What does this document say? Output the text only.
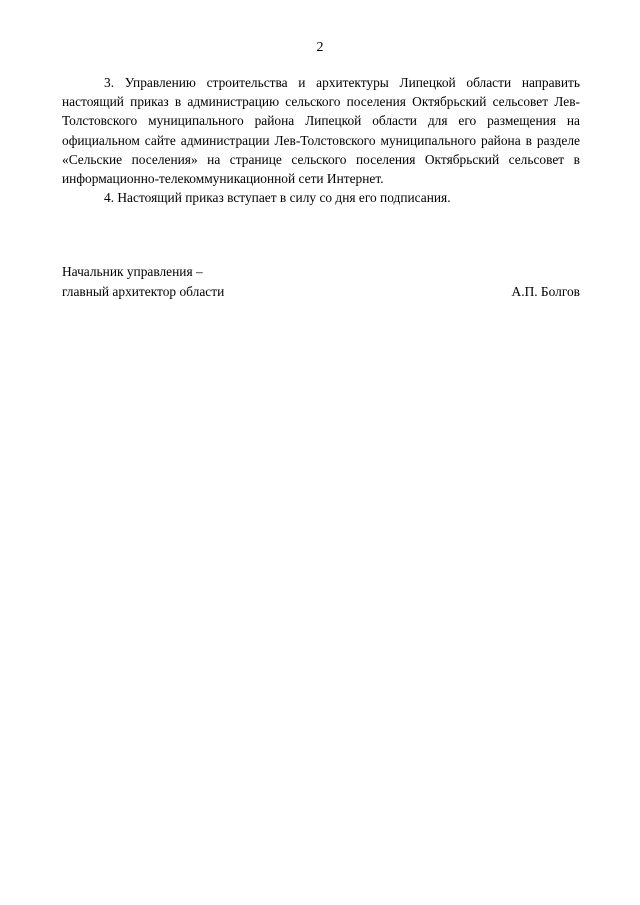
2

3. Управлению строительства и архитектуры Липецкой области направить настоящий приказ в администрацию сельского поселения Октябрьский сельсовет Лев-Толстовского муниципального района Липецкой области для его размещения на официальном сайте администрации Лев-Толстовского муниципального района в разделе «Сельские поселения» на странице сельского поселения Октябрьский сельсовет в информационно-телекоммуникационной сети Интернет.

4. Настоящий приказ вступает в силу со дня его подписания.

Начальник управления –
главный архитектор области	А.П. Болгов
